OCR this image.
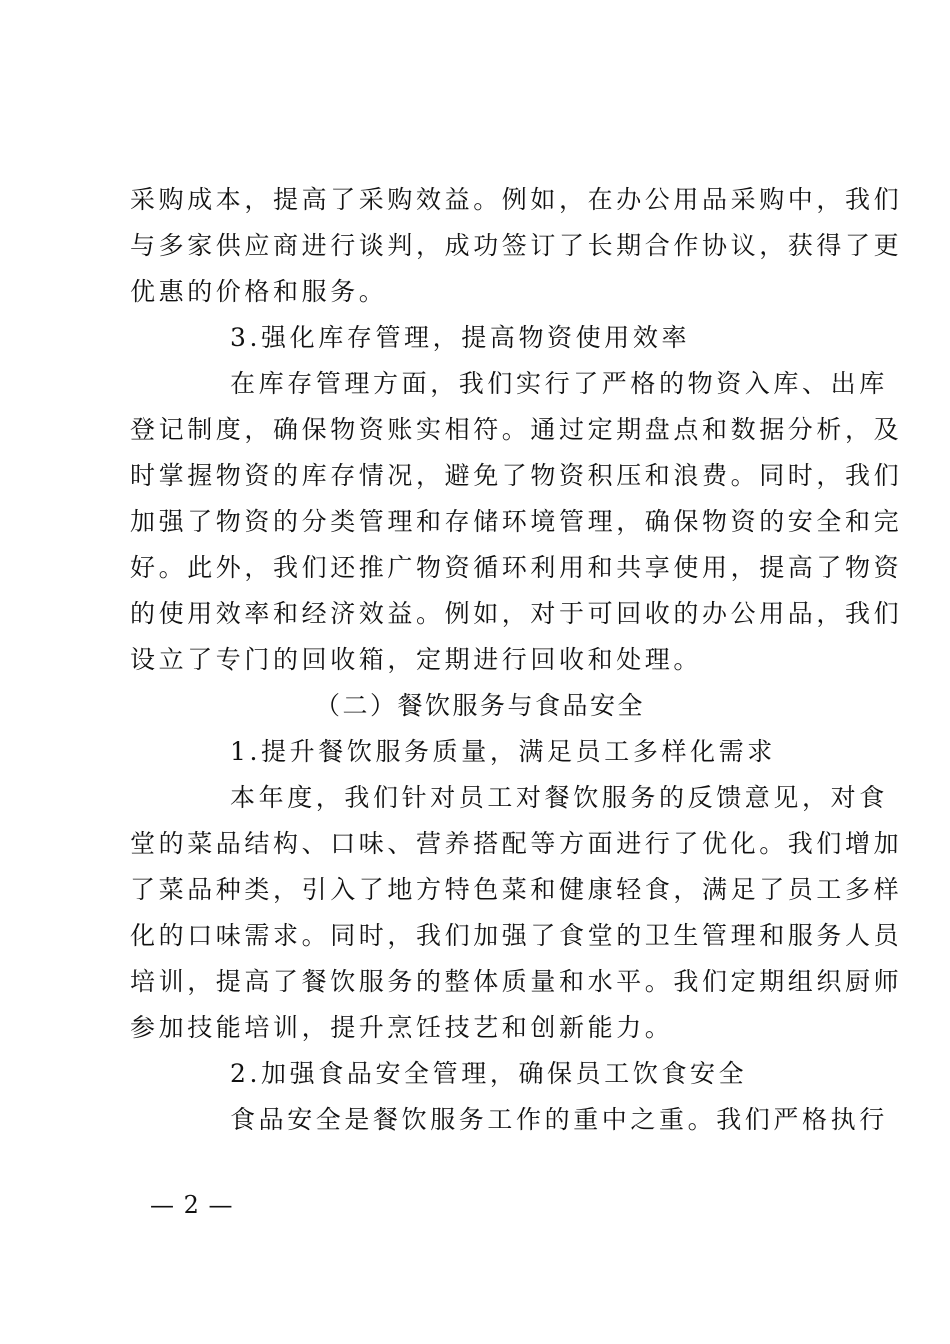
采购成本，提高了采购效益。例如，在办公用品采购中，我们
与多家供应商进行谈判，成功签订了长期合作协议，获得了更
优惠的价格和服务。
3.强化库存管理，提高物资使用效率
在库存管理方面，我们实行了严格的物资入库、出库
登记制度，确保物资账实相符。通过定期盘点和数据分析，及
时掌握物资的库存情况，避免了物资积压和浪费。同时，我们
加强了物资的分类管理和存储环境管理，确保物资的安全和完
好。此外，我们还推广物资循环利用和共享使用，提高了物资
的使用效率和经济效益。例如，对于可回收的办公用品，我们
设立了专门的回收箱，定期进行回收和处理。
（二）餐饮服务与食品安全
1.提升餐饮服务质量，满足员工多样化需求
本年度，我们针对员工对餐饮服务的反馈意见，对食
堂的菜品结构、口味、营养搭配等方面进行了优化。我们增加
了菜品种类，引入了地方特色菜和健康轻食，满足了员工多样
化的口味需求。同时，我们加强了食堂的卫生管理和服务人员
培训，提高了餐饮服务的整体质量和水平。我们定期组织厨师
参加技能培训，提升烹饪技艺和创新能力。
2.加强食品安全管理，确保员工饮食安全
食品安全是餐饮服务工作的重中之重。我们严格执行
— 2 —
